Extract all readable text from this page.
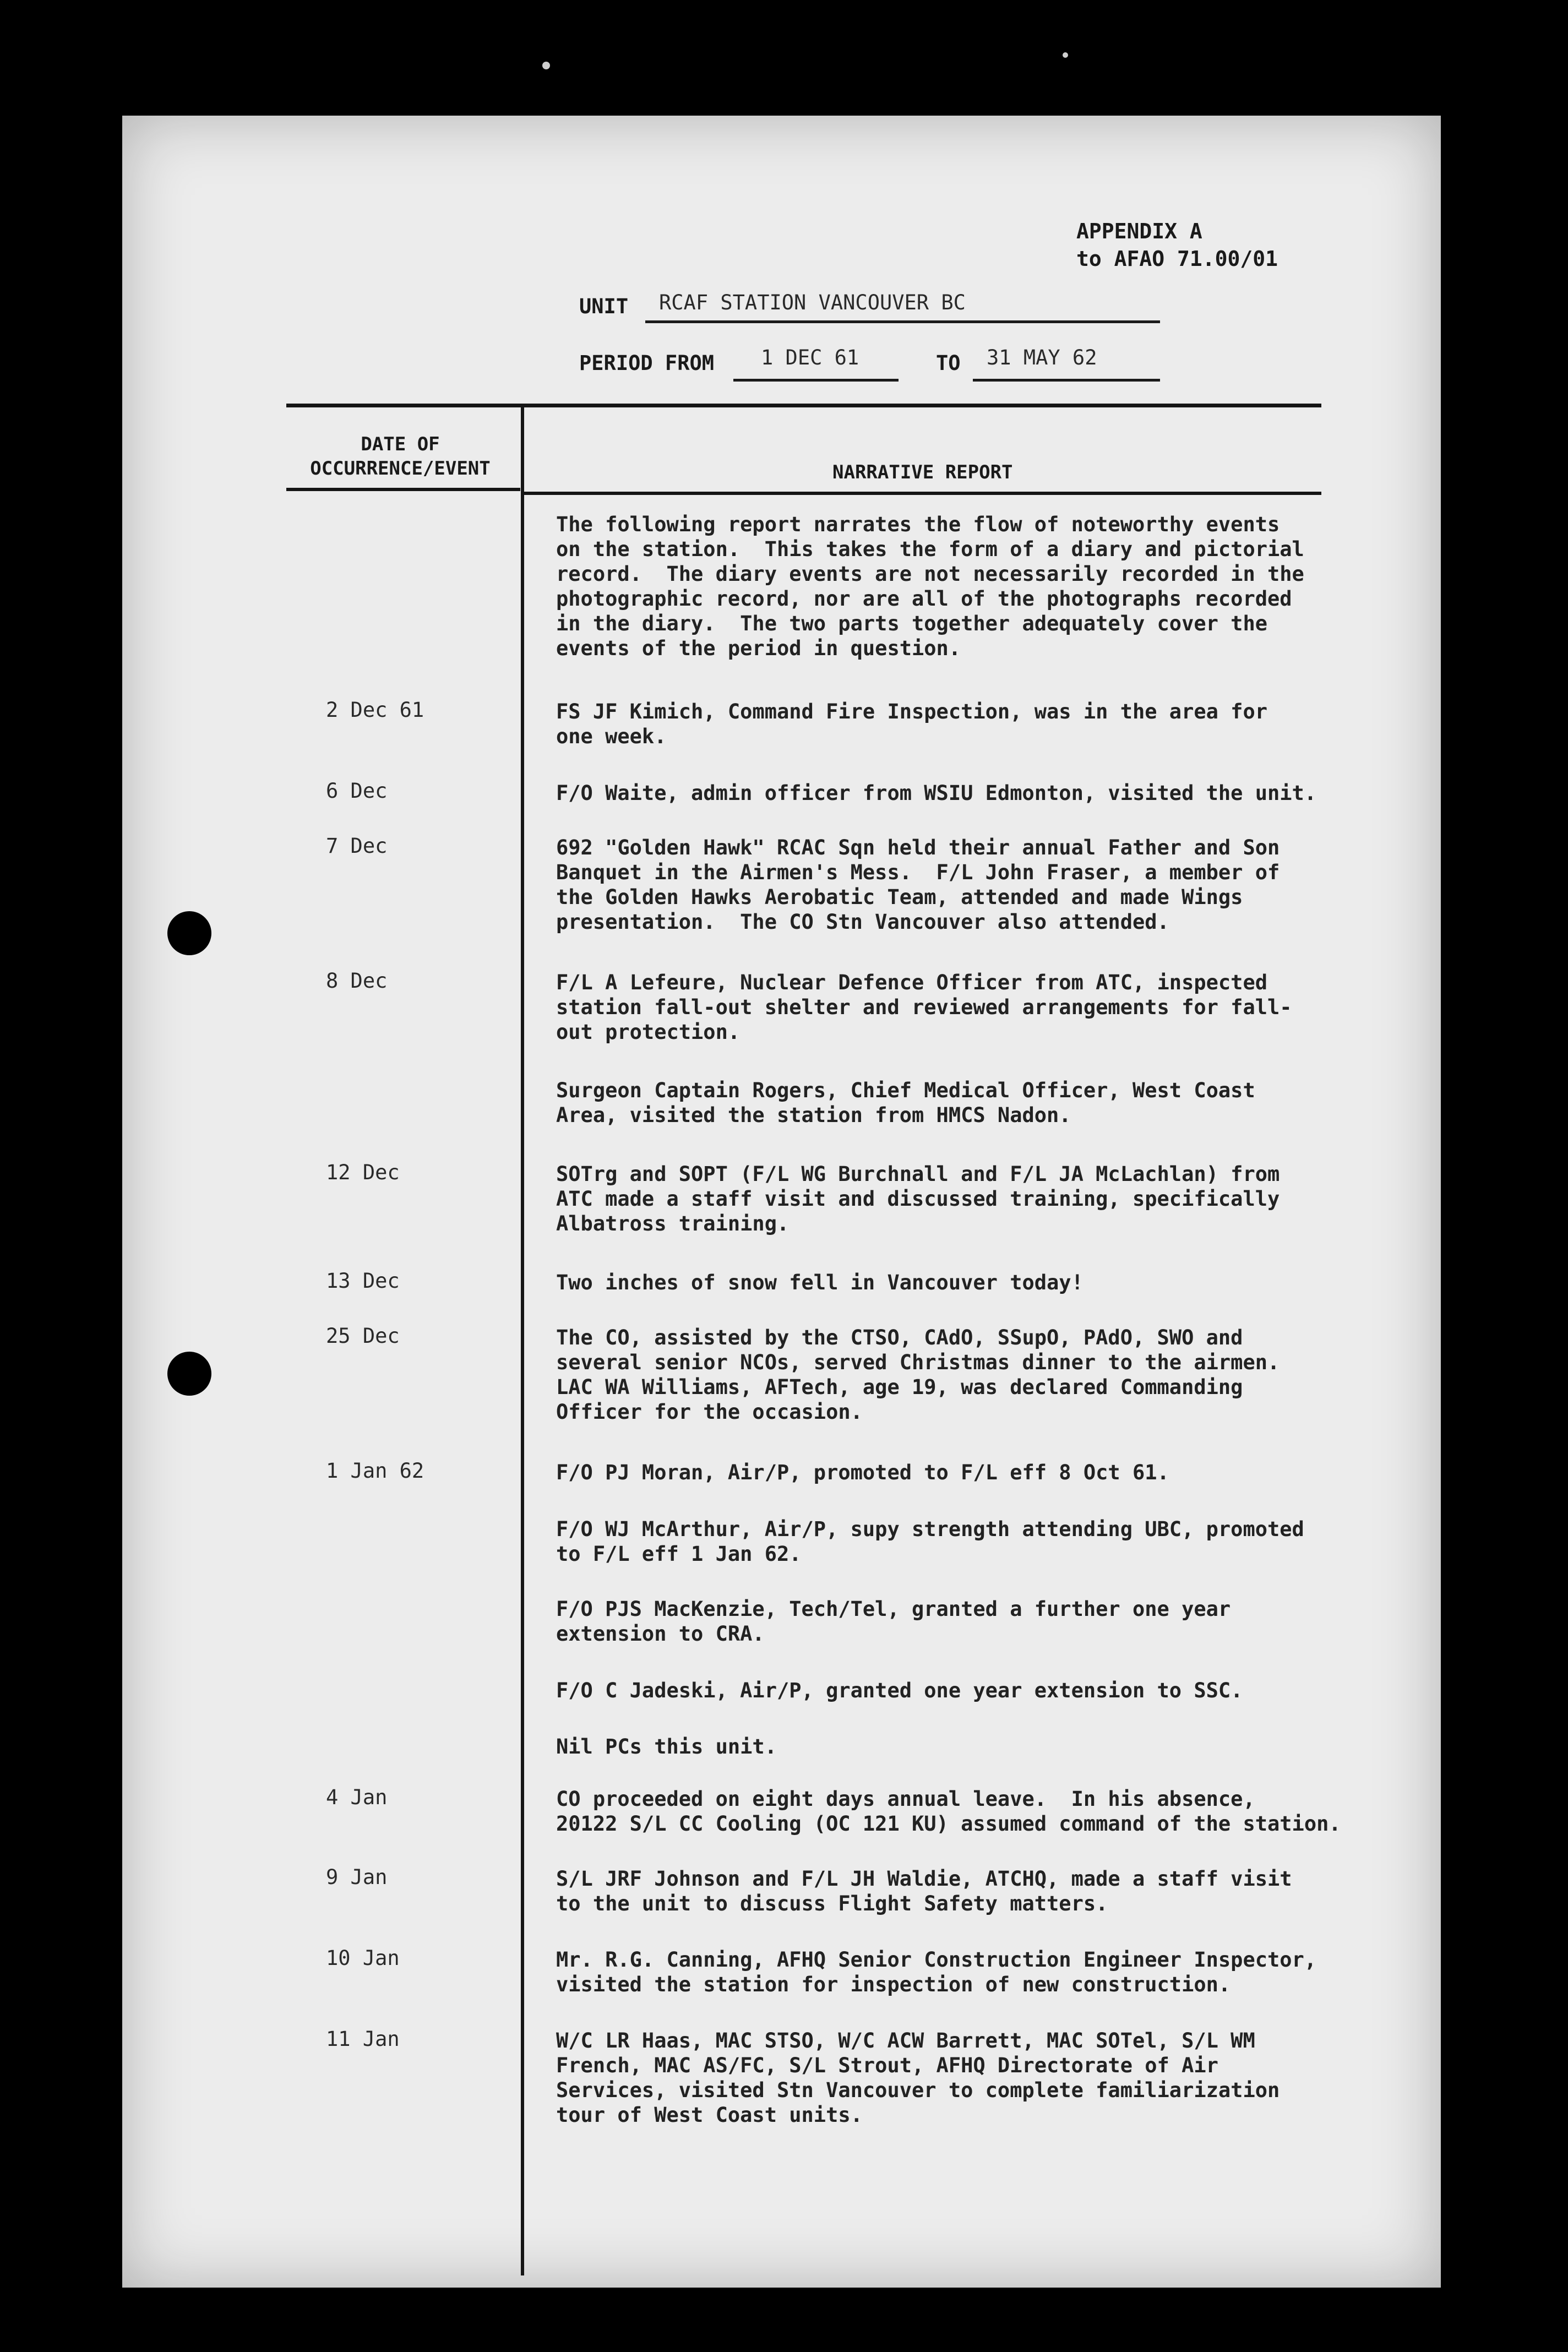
APPENDIX A
to AFAO 71.00/01
UNIT RCAF STATION VANCOUVER BC
PERIOD FROM 1 DEC 61	TO 31 MAY 62
DATE OF
OCCURRENCE/EVENT	NARRATIVE REPORT
The following report narrates the flow of noteworthy events
on the station.  This takes the form of a diary and pictorial
record.  The diary events are not necessarily recorded in the
photographic record, nor are all of the photographs recorded
in the diary.  The two parts together adequately cover the
events of the period in question.
2 Dec 61	FS JF Kimich, Command Fire Inspection, was in the area for
one week.
6 Dec	F/O Waite, admin officer from WSIU Edmonton, visited the unit.
7 Dec	692 "Golden Hawk" RCAC Sqn held their annual Father and Son
Banquet in the Airmen's Mess.  F/L John Fraser, a member of
the Golden Hawks Aerobatic Team, attended and made Wings
presentation.  The CO Stn Vancouver also attended.
8 Dec	F/L A Lefeure, Nuclear Defence Officer from ATC, inspected
station fall-out shelter and reviewed arrangements for fall-
out protection.
Surgeon Captain Rogers, Chief Medical Officer, West Coast
Area, visited the station from HMCS Nadon.
12 Dec	SOTrg and SOPT (F/L WG Burchnall and F/L JA McLachlan) from
ATC made a staff visit and discussed training, specifically
Albatross training.
13 Dec	Two inches of snow fell in Vancouver today!
25 Dec	The CO, assisted by the CTSO, CAdO, SSupO, PAdO, SWO and
several senior NCOs, served Christmas dinner to the airmen.
LAC WA Williams, AFTech, age 19, was declared Commanding
Officer for the occasion.
1 Jan 62	F/O PJ Moran, Air/P, promoted to F/L eff 8 Oct 61.
F/O WJ McArthur, Air/P, supy strength attending UBC, promoted
to F/L eff 1 Jan 62.
F/O PJS MacKenzie, Tech/Tel, granted a further one year
extension to CRA.
F/O C Jadeski, Air/P, granted one year extension to SSC.
Nil PCs this unit.
4 Jan	CO proceeded on eight days annual leave.  In his absence,
20122 S/L CC Cooling (OC 121 KU) assumed command of the station.
9 Jan	S/L JRF Johnson and F/L JH Waldie, ATCHQ, made a staff visit
to the unit to discuss Flight Safety matters.
10 Jan	Mr. R.G. Canning, AFHQ Senior Construction Engineer Inspector,
visited the station for inspection of new construction.
11 Jan	W/C LR Haas, MAC STSO, W/C ACW Barrett, MAC SOTel, S/L WM
French, MAC AS/FC, S/L Strout, AFHQ Directorate of Air
Services, visited Stn Vancouver to complete familiarization
tour of West Coast units.
